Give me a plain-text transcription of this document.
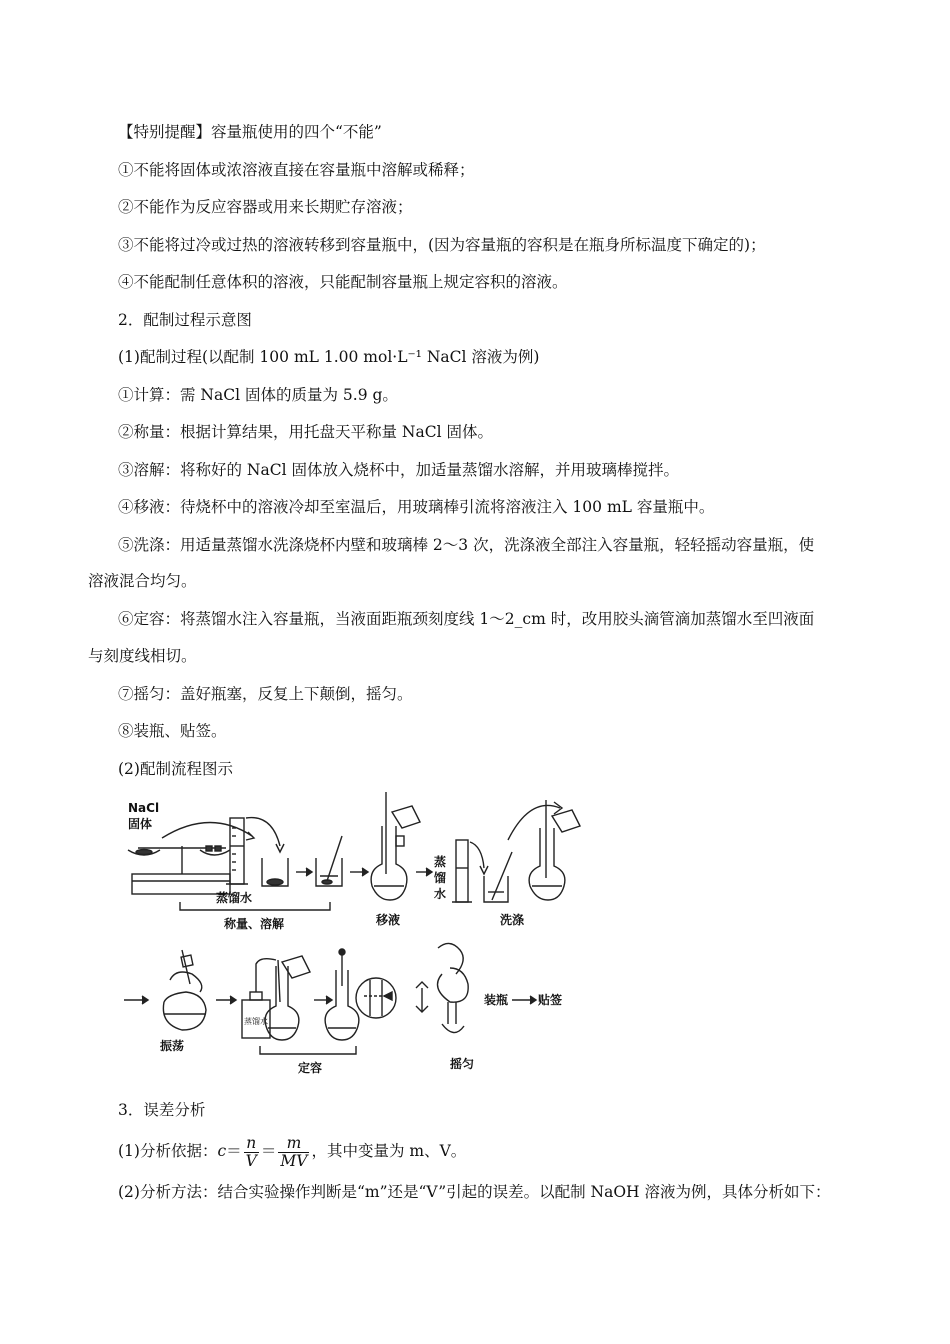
【特别提醒】容量瓶使用的四个“不能”
①不能将固体或浓溶液直接在容量瓶中溶解或稀释；
②不能作为反应容器或用来长期贮存溶液；
③不能将过冷或过热的溶液转移到容量瓶中，(因为容量瓶的容积是在瓶身所标温度下确定的)；
④不能配制任意体积的溶液，只能配制容量瓶上规定容积的溶液。
2．配制过程示意图
(1)配制过程(以配制 100 mL 1.00 mol·L⁻¹ NaCl 溶液为例)
①计算：需 NaCl 固体的质量为 5.9 g。
②称量：根据计算结果，用托盘天平称量 NaCl 固体。
③溶解：将称好的 NaCl 固体放入烧杯中，加适量蒸馏水溶解，并用玻璃棒搅拌。
④移液：待烧杯中的溶液冷却至室温后，用玻璃棒引流将溶液注入 100 mL 容量瓶中。
⑤洗涤：用适量蒸馏水洗涤烧杯内壁和玻璃棒 2～3 次，洗涤液全部注入容量瓶，轻轻摇动容量瓶，使
溶液混合均匀。
⑥定容：将蒸馏水注入容量瓶，当液面距瓶颈刻度线 1～2_cm 时，改用胶头滴管滴加蒸馏水至凹液面
与刻度线相切。
⑦摇匀：盖好瓶塞，反复上下颠倒，摇匀。
⑧装瓶、贴签。
(2)配制流程图示
NaCl
固体
蒸馏水
称量、溶解	移液
蒸
馏
水
洗涤
振荡
蒸馏水
定容	摇匀
装瓶 贴签
3．误差分析
(1)分析依据：$c= \frac{n}{V} = \frac{m}{MV}$ ，其中变量为 m、V。
(2)分析方法：结合实验操作判断是“m”还是“V”引起的误差。以配制 NaOH 溶液为例，具体分析如下：
